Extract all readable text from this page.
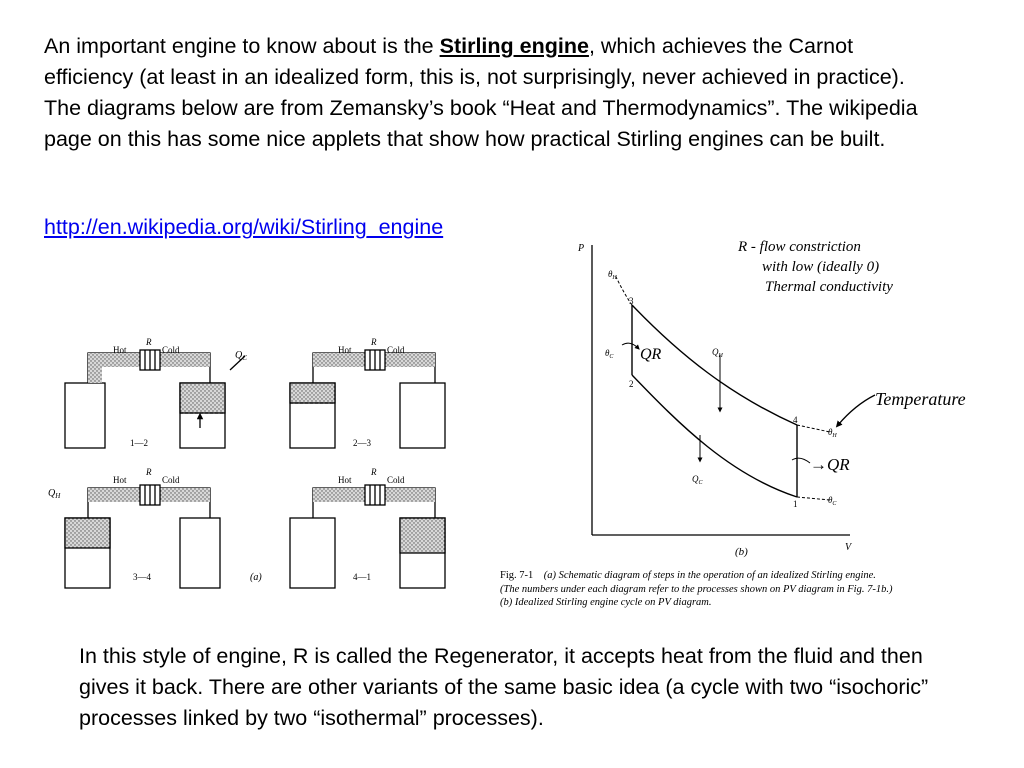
An important engine to know about is the Stirling engine, which achieves the Carnot efficiency (at least in an idealized form, this is, not surprisingly, never achieved in practice). The diagrams below are from Zemansky’s book “Heat and Thermodynamics”. The wikipedia page on this has some nice applets that show how practical Stirling engines can be built.
http://en.wikipedia.org/wiki/Stirling_engine
Hot
R
Cold	$Q_C$
1—2
Hot
R
Cold
2—3
$Q_H$
Hot
R
Cold
3—4
Hot
R
Cold
4—1
(a)
P
V
$\theta_H$
$\theta_C$
$\theta_H$
$\theta_C$
3
2
4
1
$Q_H$
$Q_C$
QR
(b)
R - flow constriction
with low (ideally 0)
Thermal conductivity
Temperature
→QR
Fig. 7-1 (a) Schematic diagram of steps in the operation of an idealized Stirling engine.
(The numbers under each diagram refer to the processes shown on PV diagram in Fig. 7-1b.)
(b) Idealized Stirling engine cycle on PV diagram.
In this style of engine, R is called the Regenerator, it accepts heat from the fluid and then gives it back. There are other variants of the same basic idea (a cycle with two “isochoric” processes linked by two “isothermal” processes).
